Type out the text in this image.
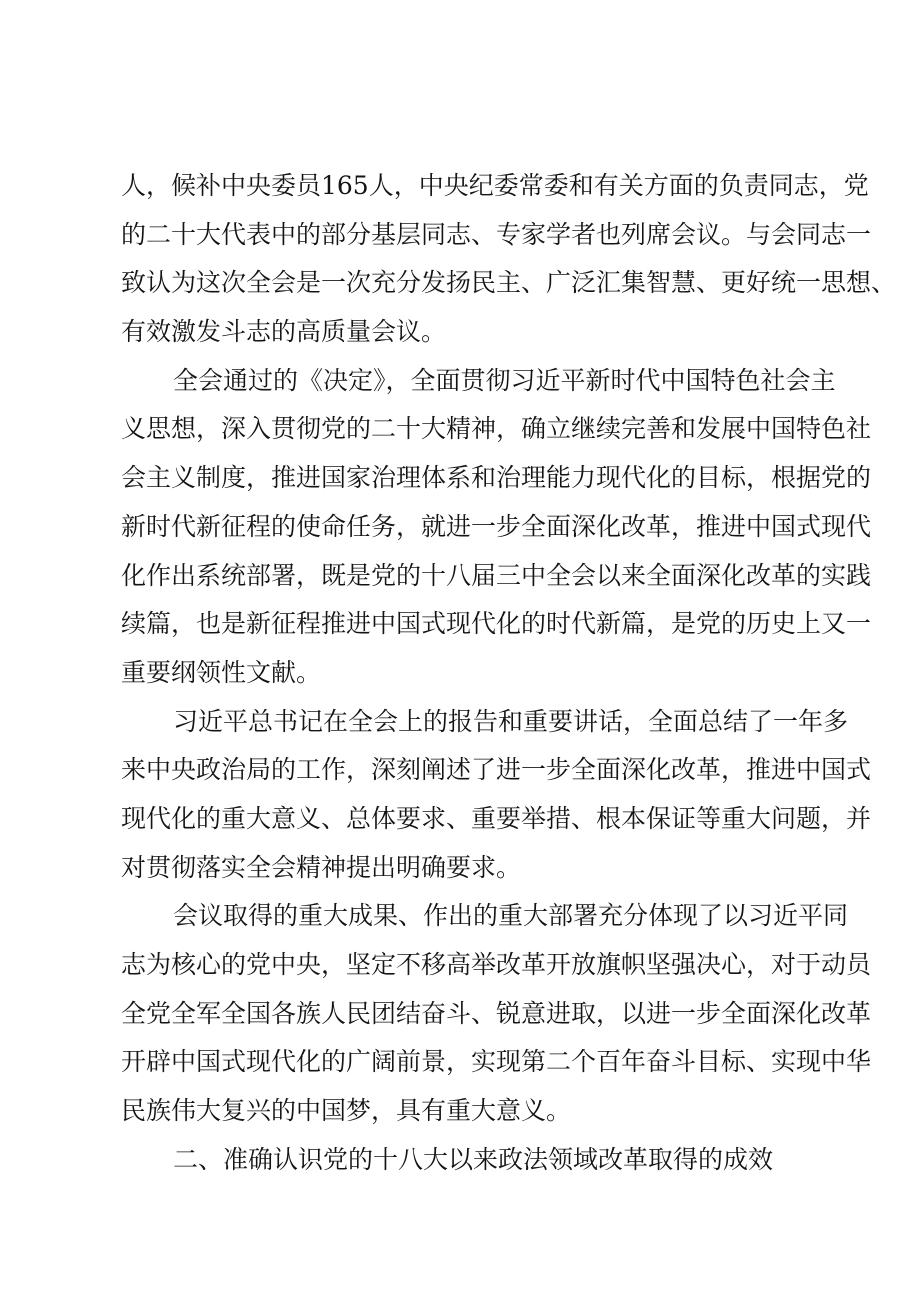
人，候补中央委员165人，中央纪委常委和有关方面的负责同志，党
的二十大代表中的部分基层同志、专家学者也列席会议。与会同志一
致认为这次全会是一次充分发扬民主、广泛汇集智慧、更好统一思想、
有效激发斗志的高质量会议。
全会通过的《决定》，全面贯彻习近平新时代中国特色社会主
义思想，深入贯彻党的二十大精神，确立继续完善和发展中国特色社
会主义制度，推进国家治理体系和治理能力现代化的目标，根据党的
新时代新征程的使命任务，就进一步全面深化改革，推进中国式现代
化作出系统部署，既是党的十八届三中全会以来全面深化改革的实践
续篇，也是新征程推进中国式现代化的时代新篇，是党的历史上又一
重要纲领性文献。
习近平总书记在全会上的报告和重要讲话，全面总结了一年多
来中央政治局的工作，深刻阐述了进一步全面深化改革，推进中国式
现代化的重大意义、总体要求、重要举措、根本保证等重大问题，并
对贯彻落实全会精神提出明确要求。
会议取得的重大成果、作出的重大部署充分体现了以习近平同
志为核心的党中央，坚定不移高举改革开放旗帜坚强决心，对于动员
全党全军全国各族人民团结奋斗、锐意进取，以进一步全面深化改革
开辟中国式现代化的广阔前景，实现第二个百年奋斗目标、实现中华
民族伟大复兴的中国梦，具有重大意义。
二、准确认识党的十八大以来政法领域改革取得的成效
